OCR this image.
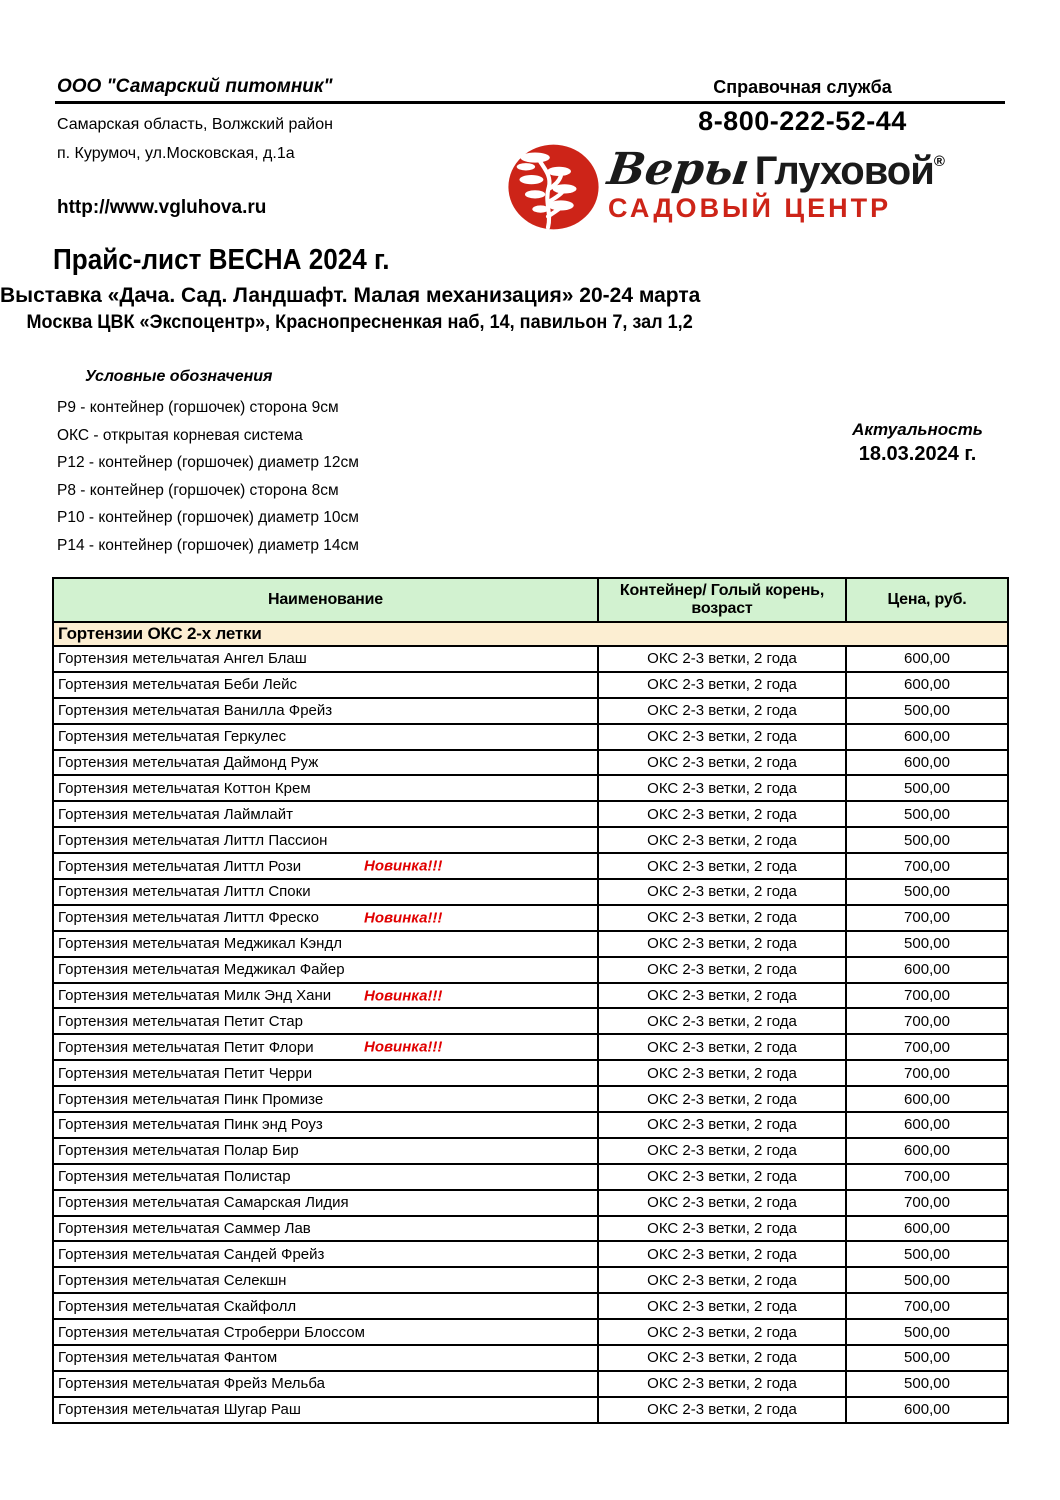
ООО "Самарский питомник"
Самарская область, Волжский район
п. Курумоч, ул.Московская, д.1а
http://www.vgluhova.ru
Справочная служба
8-800-222-52-44
Веры Глуховой ®
САДОВЫЙ ЦЕНТР
Прайс-лист ВЕСНА 2024 г.
Выставка «Дача. Сад. Ландшафт. Малая механизация» 20-24 марта
Москва ЦВК «Экспоцентр», Краснопресненкая наб, 14, павильон 7, зал 1,2
Условные обозначения
Р9 - контейнер (горшочек) сторона 9см
ОКС - открытая корневая система
Р12 - контейнер (горшочек) диаметр 12см
Р8 - контейнер (горшочек) сторона 8см
Р10 - контейнер (горшочек) диаметр 10см
Р14 - контейнер (горшочек) диаметр 14см
Актуальность
18.03.2024 г.
Наименование	Контейнер/ Голый корень, возраст	Цена, руб.
Гортензии ОКС 2-х летки		
Гортензия метельчатая Ангел Блаш	ОКС 2-3 ветки, 2 года	600,00
Гортензия метельчатая Беби Лейс	ОКС 2-3 ветки, 2 года	600,00
Гортензия метельчатая Ванилла Фрейз	ОКС 2-3 ветки, 2 года	500,00
Гортензия метельчатая Геркулес	ОКС 2-3 ветки, 2 года	600,00
Гортензия метельчатая Даймонд Руж	ОКС 2-3 ветки, 2 года	600,00
Гортензия метельчатая Коттон Крем	ОКС 2-3 ветки, 2 года	500,00
Гортензия метельчатая Лаймлайт	ОКС 2-3 ветки, 2 года	500,00
Гортензия метельчатая Литтл Пассион	ОКС 2-3 ветки, 2 года	500,00
Гортензия метельчатая Литтл Рози Новинка!!!	ОКС 2-3 ветки, 2 года	700,00
Гортензия метельчатая Литтл Споки	ОКС 2-3 ветки, 2 года	500,00
Гортензия метельчатая Литтл Фреско Новинка!!!	ОКС 2-3 ветки, 2 года	700,00
Гортензия метельчатая Меджикал Кэндл	ОКС 2-3 ветки, 2 года	500,00
Гортензия метельчатая Меджикал Файер	ОКС 2-3 ветки, 2 года	600,00
Гортензия метельчатая Милк Энд Хани Новинка!!!	ОКС 2-3 ветки, 2 года	700,00
Гортензия метельчатая Петит Стар	ОКС 2-3 ветки, 2 года	700,00
Гортензия метельчатая Петит Флори Новинка!!!	ОКС 2-3 ветки, 2 года	700,00
Гортензия метельчатая Петит Черри	ОКС 2-3 ветки, 2 года	700,00
Гортензия метельчатая Пинк Промизе	ОКС 2-3 ветки, 2 года	600,00
Гортензия метельчатая Пинк энд Роуз	ОКС 2-3 ветки, 2 года	600,00
Гортензия метельчатая Полар Бир	ОКС 2-3 ветки, 2 года	600,00
Гортензия метельчатая Полистар	ОКС 2-3 ветки, 2 года	700,00
Гортензия метельчатая Самарская Лидия	ОКС 2-3 ветки, 2 года	700,00
Гортензия метельчатая Саммер Лав	ОКС 2-3 ветки, 2 года	600,00
Гортензия метельчатая Сандей Фрейз	ОКС 2-3 ветки, 2 года	500,00
Гортензия метельчатая Селекшн	ОКС 2-3 ветки, 2 года	500,00
Гортензия метельчатая Скайфолл	ОКС 2-3 ветки, 2 года	700,00
Гортензия метельчатая Строберри Блоссом	ОКС 2-3 ветки, 2 года	500,00
Гортензия метельчатая Фантом	ОКС 2-3 ветки, 2 года	500,00
Гортензия метельчатая Фрейз Мельба	ОКС 2-3 ветки, 2 года	500,00
Гортензия метельчатая Шугар Раш	ОКС 2-3 ветки, 2 года	600,00
